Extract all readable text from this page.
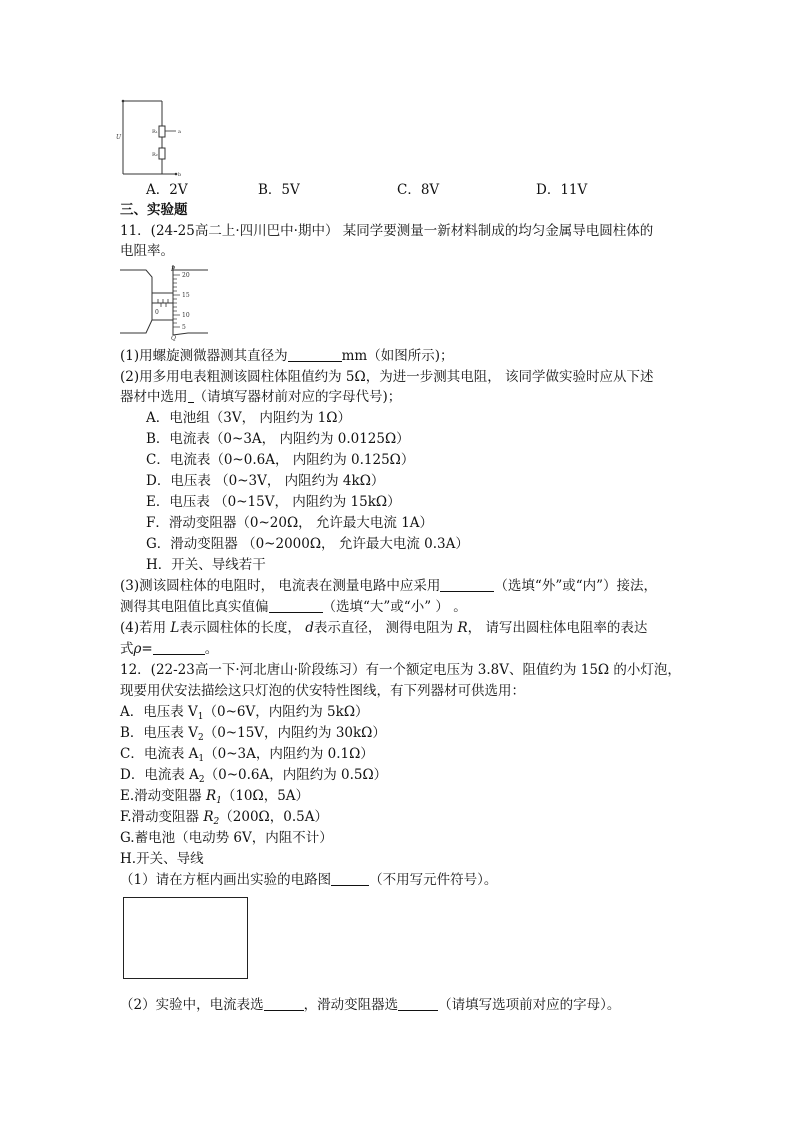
U
R₁
R₂
a
b
A．2V	B．5V	C．8V	D．11V
三、实验题
11．(24-25高二上·四川巴中·期中） 某同学要测量一新材料制成的均匀金属导电圆柱体的
电阻率。
P
20
15
10
5
0
Q
(1)用螺旋测微器测其直径为	mm（如图所示)；
(2)用多用电表粗测该圆柱体阻值约为 5Ω，为进一步测其电阻， 该同学做实验时应从下述
器材中选用 （请填写器材前对应的字母代号)；
A．电池组（3V， 内阻约为 1Ω）
B．电流表（0~3A， 内阻约为 0.0125Ω）
C．电流表（0~0.6A， 内阻约为 0.125Ω）
D．电压表 （0~3V， 内阻约为 4kΩ）
E．电压表 （0~15V， 内阻约为 15kΩ）
F．滑动变阻器（0~20Ω， 允许最大电流 1A）
G．滑动变阻器 （0~2000Ω， 允许最大电流 0.3A）
H．开关、导线若干
(3)测该圆柱体的电阻时， 电流表在测量电路中应采用	（选填“外”或“内”）接法，
测得其电阻值比真实值偏	（选填“大”或“小” ） 。
(4)若用 L表示圆柱体的长度， d表示直径， 测得电阻为 R， 请写出圆柱体电阻率的表达
式ρ=	。
12．(22-23高一下·河北唐山·阶段练习）有一个额定电压为 3.8V、阻值约为 15Ω 的小灯泡，
现要用伏安法描绘这只灯泡的伏安特性图线，有下列器材可供选用：
A．电压表 $V_1(0\sim 6V$，内阻约为 5kΩ）
B．电压表 $V_2(0\sim 15V$，内阻约为 30kΩ）
C．电流表 $A_1(0\sim 3A$，内阻约为 0.1Ω）
D．电流表 $A_2(0\sim 0.6A$，内阻约为 0.5Ω）
E.滑动变阻器 $R_1(10\Omega$，5A）
F.滑动变阻器 $R_2(200\Omega$，0.5A）
G.蓄电池（电动势 6V，内阻不计）
H.开关、导线
（1）请在方框内画出实验的电路图	（不用写元件符号）。
（2）实验中，电流表选	，滑动变阻器选	（请填写选项前对应的字母）。
